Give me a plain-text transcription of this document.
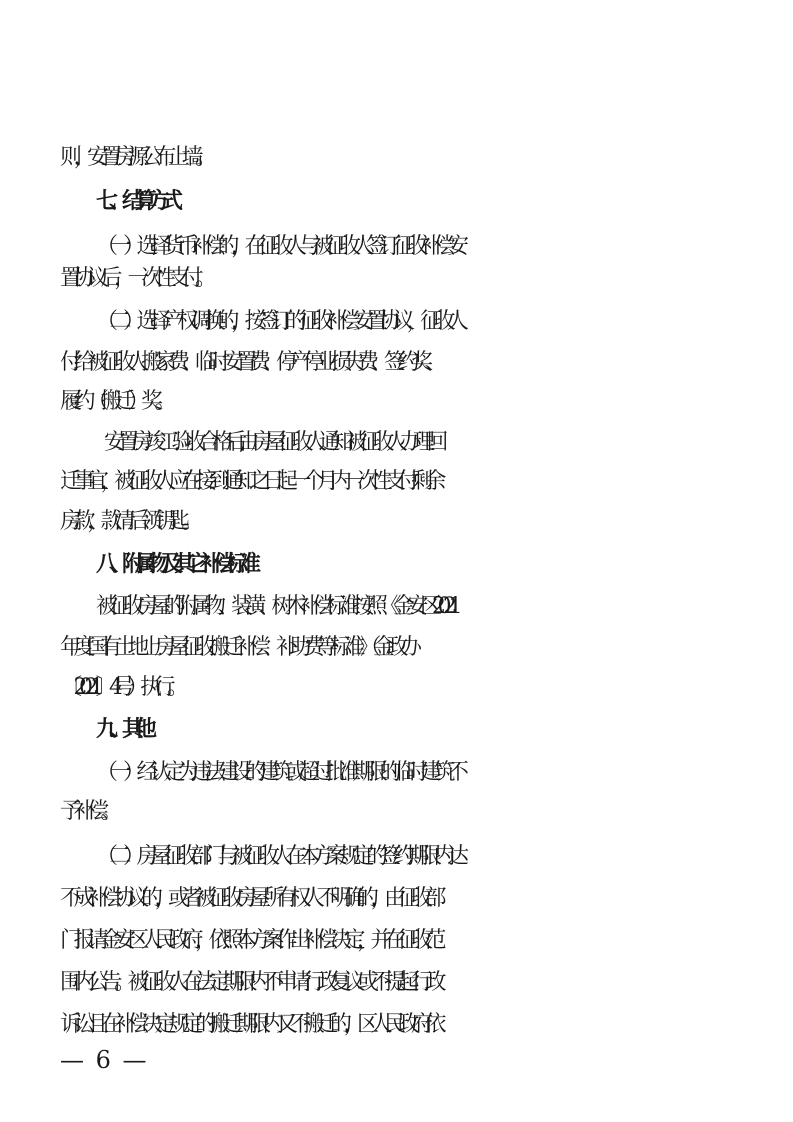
则，安置房源公布上墙。
七、结算方式
（一）选择货币补偿的，在征收人与被征收人签订征收补偿安
置协议后，一次性支付。
（二）选择产权调换的，按签订的征收补偿安置协议，征收人
付给被征收人搬家费、临时安置费、停产停业损失费、签约奖、
履约（搬迁）奖。
安置房竣工验收合格后,由房屋征收人通知被征收人办理回
迁事宜，被征收人应在接到通知之日起一个月内一次性支付剩余
房款，款清后领钥匙。
八、附属物及其它补偿标准
被征收房屋的附属物、装潢、树木补偿标准按照《金安区 2021
年度国有土地上房屋征收搬迁补偿、补助费等标准》（金政办
〔2021〕4 号）执行。
九、其他
（一）经认定为违法建设的建筑或超过批准期限的临时建筑不
予补偿。
（二）房屋征收部门与被征收人在本方案规定的签约期限内达
不成补偿协议的，或者被征收房屋所有权人不明确的，由征收部
门报请金安区人民政府，依照本方案作出补偿决定，并在征收范
围内公告。被征收人在法定期限内不申请行政复议或不提起行政
诉讼且在补偿决定规定的搬迁期限内又不搬迁的，区人民政府依
— 6 —
